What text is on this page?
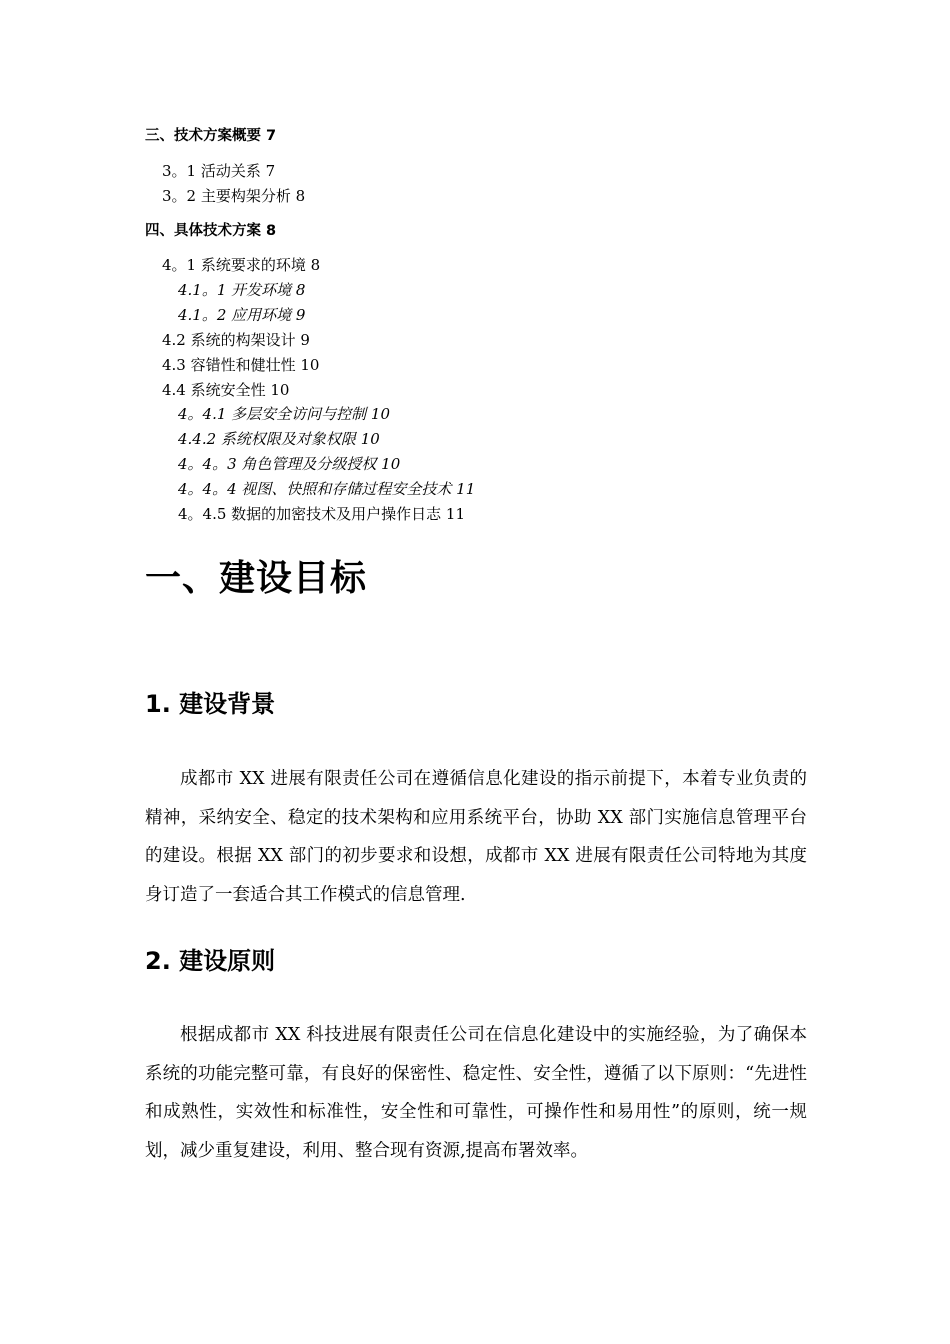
三、技术方案概要 7
3。1 活动关系 7
3。2 主要构架分析 8
四、具体技术方案 8
4。1 系统要求的环境 8
4.1。1 开发环境 8
4.1。2 应用环境 9
4.2 系统的构架设计 9
4.3 容错性和健壮性 10
4.4 系统安全性 10
4。4.1 多层安全访问与控制 10
4.4.2 系统权限及对象权限 10
4。4。3 角色管理及分级授权 10
4。4。4 视图、快照和存储过程安全技术 11
4。4.5 数据的加密技术及用户操作日志 11
一、建设目标
1. 建设背景
成都市 XX 进展有限责任公司在遵循信息化建设的指示前提下，本着专业负责的精神，采纳安全、稳定的技术架构和应用系统平台，协助 XX 部门实施信息管理平台的建设。根据 XX 部门的初步要求和设想，成都市 XX 进展有限责任公司特地为其度身订造了一套适合其工作模式的信息管理.
2. 建设原则
根据成都市 XX 科技进展有限责任公司在信息化建设中的实施经验，为了确保本系统的功能完整可靠，有良好的保密性、稳定性、安全性，遵循了以下原则：“先进性和成熟性，实效性和标准性，安全性和可靠性，可操作性和易用性”的原则，统一规划，减少重复建设，利用、整合现有资源,提高布署效率。
